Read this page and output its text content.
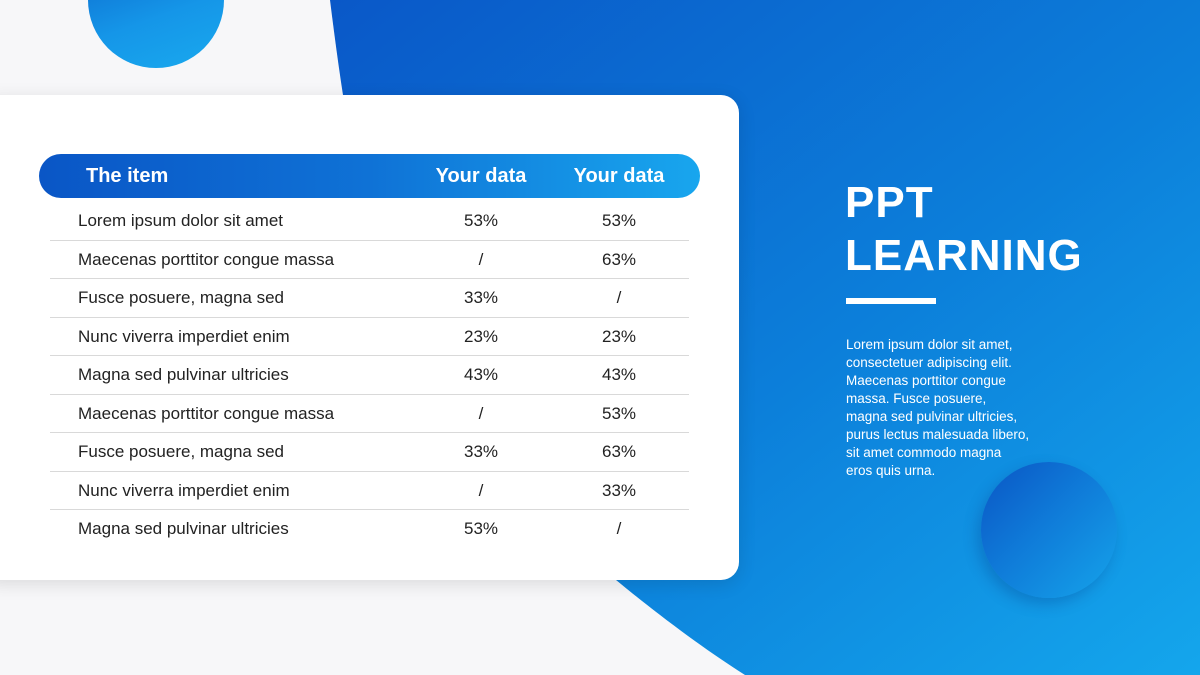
The item	Your data	Your data
Lorem ipsum dolor sit amet	53%	53%
Maecenas porttitor congue massa	/	63%
Fusce posuere, magna sed	33%	/
Nunc viverra imperdiet enim	23%	23%
Magna sed pulvinar ultricies	43%	43%
Maecenas porttitor congue massa	/	53%
Fusce posuere, magna sed	33%	63%
Nunc viverra imperdiet enim	/	33%
Magna sed pulvinar ultricies	53%	/
PPT
LEARNING
Lorem ipsum dolor sit amet, consectetuer adipiscing elit. Maecenas porttitor congue massa. Fusce posuere, magna sed pulvinar ultricies, purus lectus malesuada libero, sit amet commodo magna eros quis urna.
